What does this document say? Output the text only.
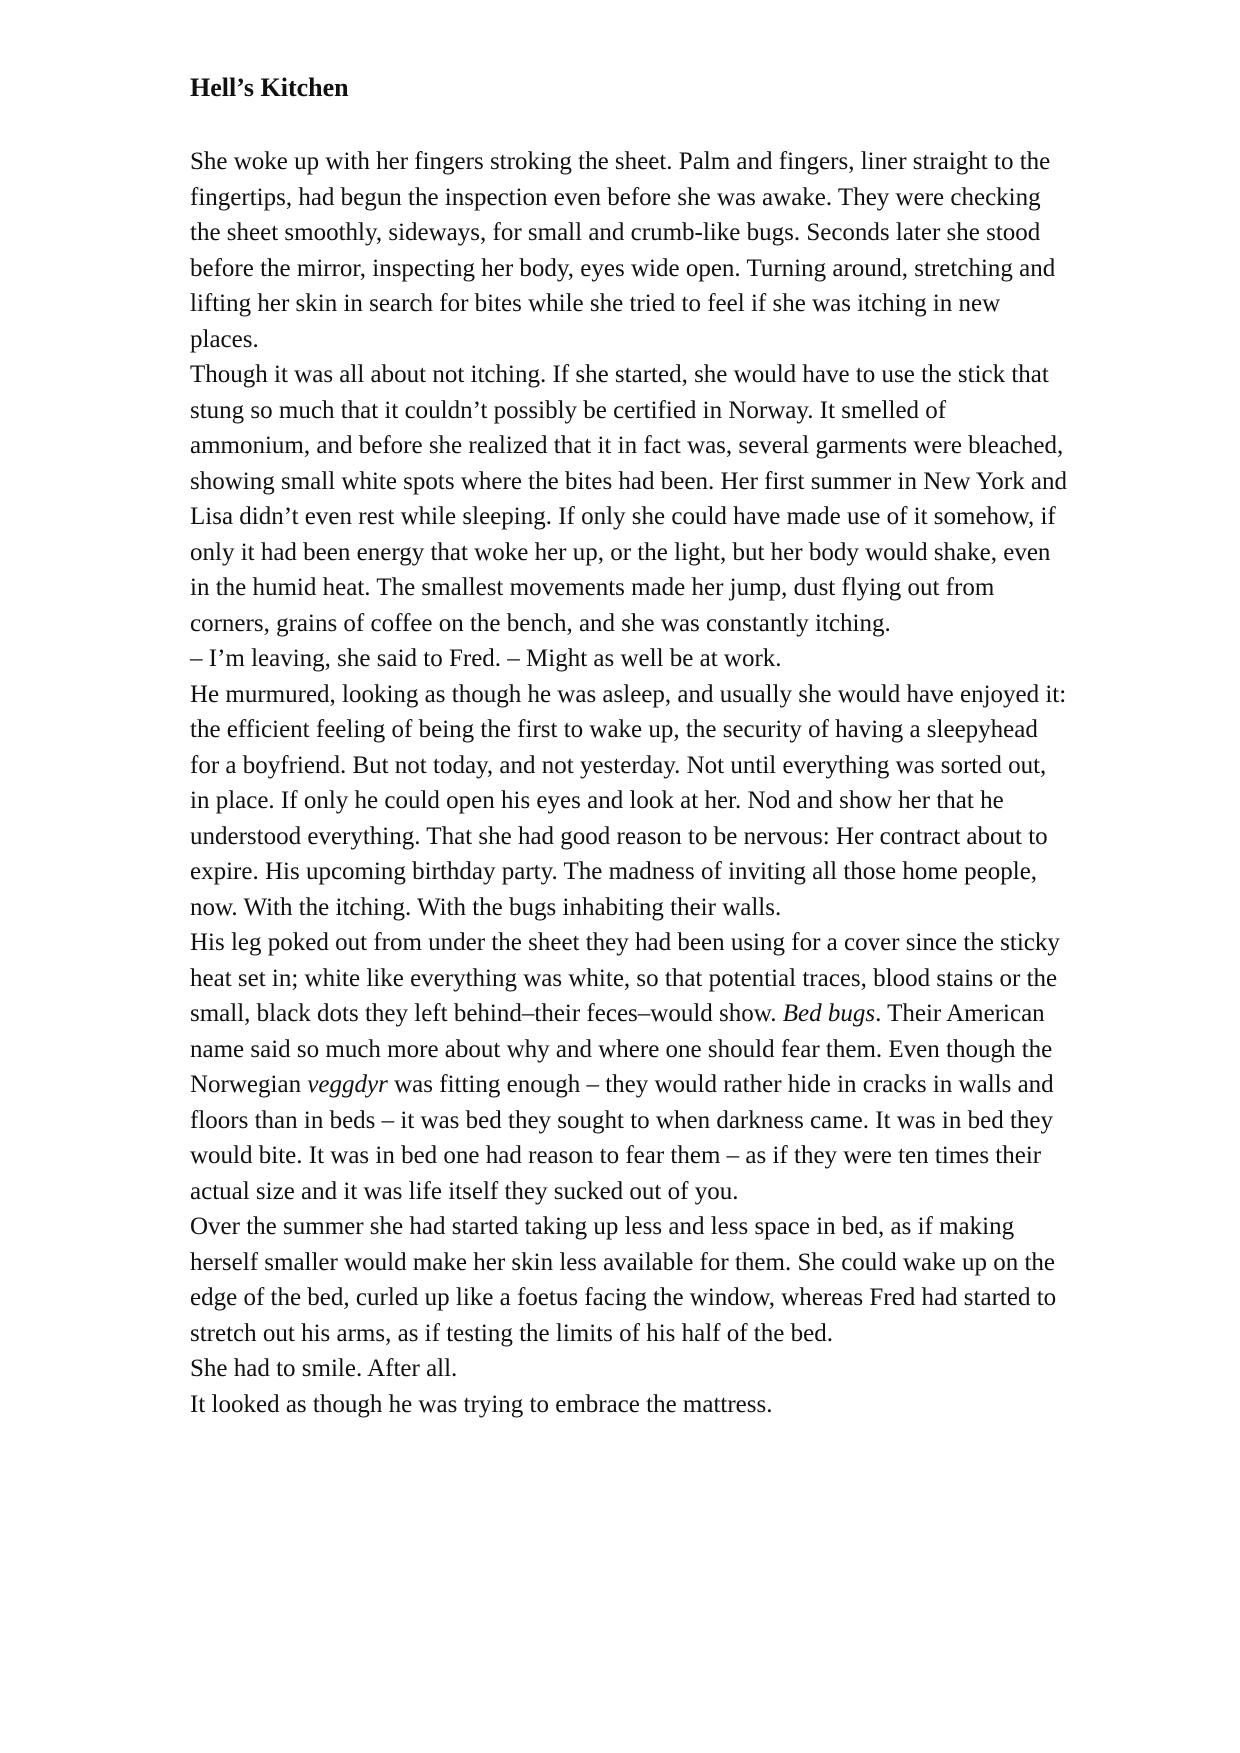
Hell’s Kitchen

She woke up with her fingers stroking the sheet. Palm and fingers, liner straight to the fingertips, had begun the inspection even before she was awake. They were checking the sheet smoothly, sideways, for small and crumb-like bugs. Seconds later she stood before the mirror, inspecting her body, eyes wide open. Turning around, stretching and lifting her skin in search for bites while she tried to feel if she was itching in new places.

Though it was all about not itching. If she started, she would have to use the stick that stung so much that it couldn’t possibly be certified in Norway. It smelled of ammonium, and before she realized that it in fact was, several garments were bleached, showing small white spots where the bites had been. Her first summer in New York and Lisa didn’t even rest while sleeping. If only she could have made use of it somehow, if only it had been energy that woke her up, or the light, but her body would shake, even in the humid heat. The smallest movements made her jump, dust flying out from corners, grains of coffee on the bench, and she was constantly itching.

– I’m leaving, she said to Fred. – Might as well be at work.

He murmured, looking as though he was asleep, and usually she would have enjoyed it: the efficient feeling of being the first to wake up, the security of having a sleepyhead for a boyfriend. But not today, and not yesterday. Not until everything was sorted out, in place. If only he could open his eyes and look at her. Nod and show her that he understood everything. That she had good reason to be nervous: Her contract about to expire. His upcoming birthday party. The madness of inviting all those home people, now. With the itching. With the bugs inhabiting their walls.

His leg poked out from under the sheet they had been using for a cover since the sticky heat set in; white like everything was white, so that potential traces, blood stains or the small, black dots they left behind–their feces–would show. Bed bugs. Their American name said so much more about why and where one should fear them. Even though the Norwegian veggdyr was fitting enough – they would rather hide in cracks in walls and floors than in beds – it was bed they sought to when darkness came. It was in bed they would bite. It was in bed one had reason to fear them – as if they were ten times their actual size and it was life itself they sucked out of you.

Over the summer she had started taking up less and less space in bed, as if making herself smaller would make her skin less available for them. She could wake up on the edge of the bed, curled up like a foetus facing the window, whereas Fred had started to stretch out his arms, as if testing the limits of his half of the bed.

She had to smile. After all.

It looked as though he was trying to embrace the mattress.
